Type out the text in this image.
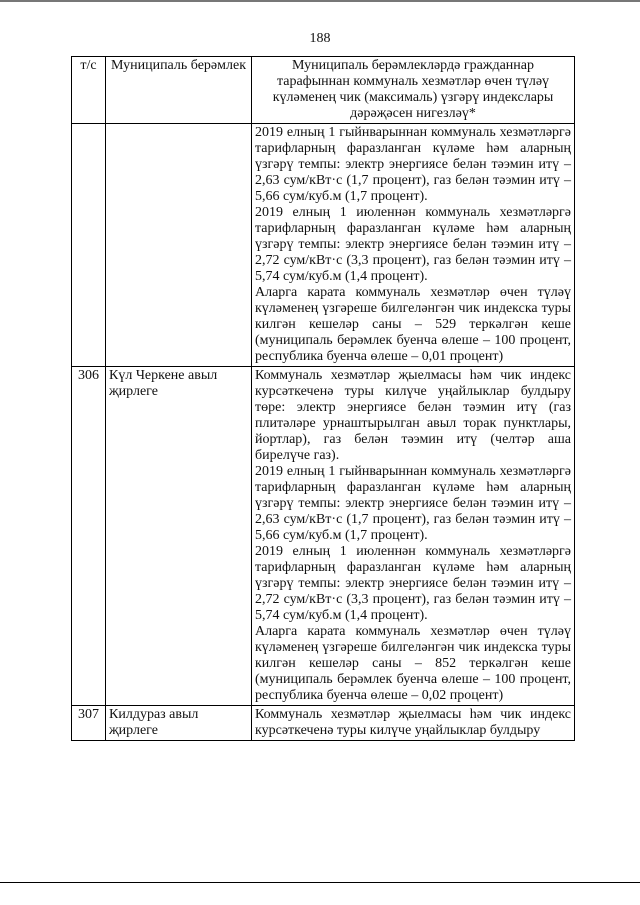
188
т/с	Муниципаль берәмлек	Муниципаль берәмлекләрдә гражданнар тарафыннан коммуналь хезмәтләр өчен түләү күләменең чик (максималь) үзгәрү индекслары дәрәҗәсен нигезләү*

		2019 елның 1 гыйнварыннан коммуналь хезмәтләргә тарифларның фаразланган күләме һәм аларның үзгәрү темпы: электр энергиясе белән тәэмин итү – 2,63 сум/кВт·с (1,7 процент), газ белән тәэмин итү – 5,66 сум/куб.м (1,7 процент).

2019 елның 1 июленнән коммуналь хезмәтләргә тарифларның фаразланган күләме һәм аларның үзгәрү темпы: электр энергиясе белән тәэмин итү – 2,72 сум/кВт·с (3,3 процент), газ белән тәэмин итү – 5,74 сум/куб.м (1,4 процент).

Аларга карата коммуналь хезмәтләр өчен түләү күләменең үзгәреше билгеләнгән чик индекска туры килгән кешеләр саны – 529 теркәлгән кеше (муниципаль берәмлек буенча өлеше – 100 процент, республика буенча өлеше – 0,01 процент)

306	Күл Черкене авыл җирлеге	Коммуналь хезмәтләр җыелмасы һәм чик индекс курсәткеченә туры килүче уңайлыклар булдыру төре: электр энергиясе белән тәэмин итү (газ плитәләре урнаштырылган авыл торак пунктлары, йортлар), газ белән тәэмин итү (челтәр аша бирелүче газ).

2019 елның 1 гыйнварыннан коммуналь хезмәтләргә тарифларның фаразланган күләме һәм аларның үзгәрү темпы: электр энергиясе белән тәэмин итү – 2,63 сум/кВт·с (1,7 процент), газ белән тәэмин итү – 5,66 сум/куб.м (1,7 процент).

2019 елның 1 июленнән коммуналь хезмәтләргә тарифларның фаразланган күләме һәм аларның үзгәрү темпы: электр энергиясе белән тәэмин итү – 2,72 сум/кВт·с (3,3 процент), газ белән тәэмин итү – 5,74 сум/куб.м (1,4 процент).

Аларга карата коммуналь хезмәтләр өчен түләү күләменең үзгәреше билгеләнгән чик индекска туры килгән кешеләр саны – 852 теркәлгән кеше (муниципаль берәмлек буенча өлеше – 100 процент, республика буенча өлеше – 0,02 процент)

307	Килдураз авыл җирлеге	Коммуналь хезмәтләр җыелмасы һәм чик индекс курсәткеченә туры килүче уңайлыклар булдыру
